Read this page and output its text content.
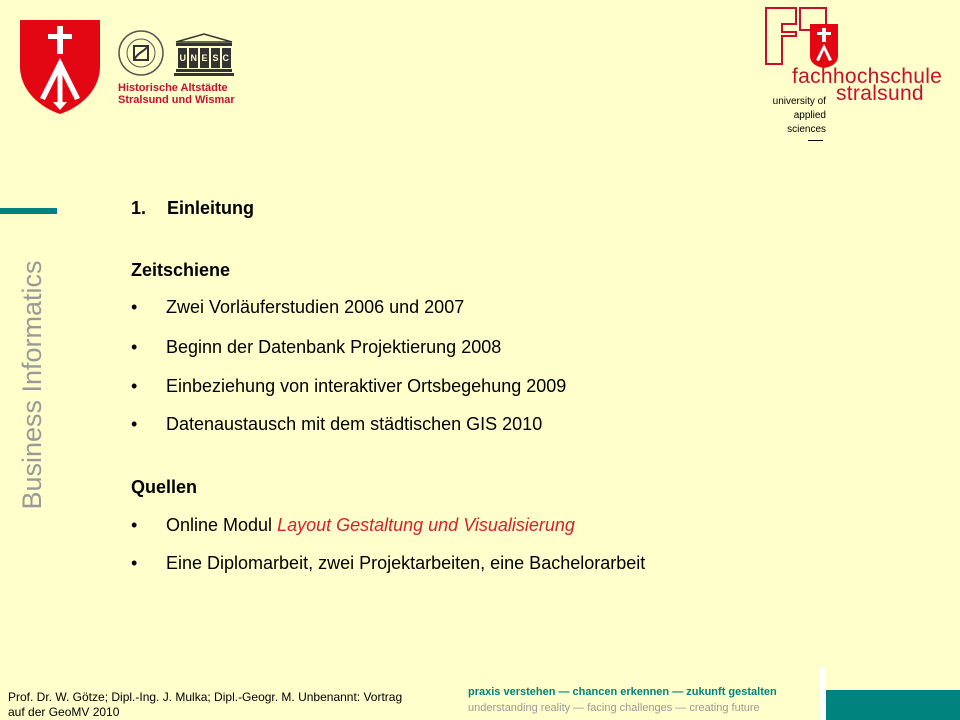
U N E S C
Historische Altstädte
Stralsund und Wismar
fachhochschule
stralsund
university of
applied
sciences
Business Informatics
1. Einleitung
Zeitschiene
• Zwei Vorläuferstudien 2006 und 2007
• Beginn der Datenbank Projektierung 2008
• Einbeziehung von interaktiver Ortsbegehung 2009
• Datenaustausch mit dem städtischen GIS 2010
Quellen
• Online Modul Layout Gestaltung und Visualisierung
• Eine Diplomarbeit, zwei Projektarbeiten, eine Bachelorarbeit
Prof. Dr. W. Götze; Dipl.-Ing. J. Mulka; Dipl.-Geogr. M. Unbenannt: Vortrag auf der GeoMV 2010
praxis verstehen — chancen erkennen — zukunft gestalten
understanding reality — facing challenges — creating future
